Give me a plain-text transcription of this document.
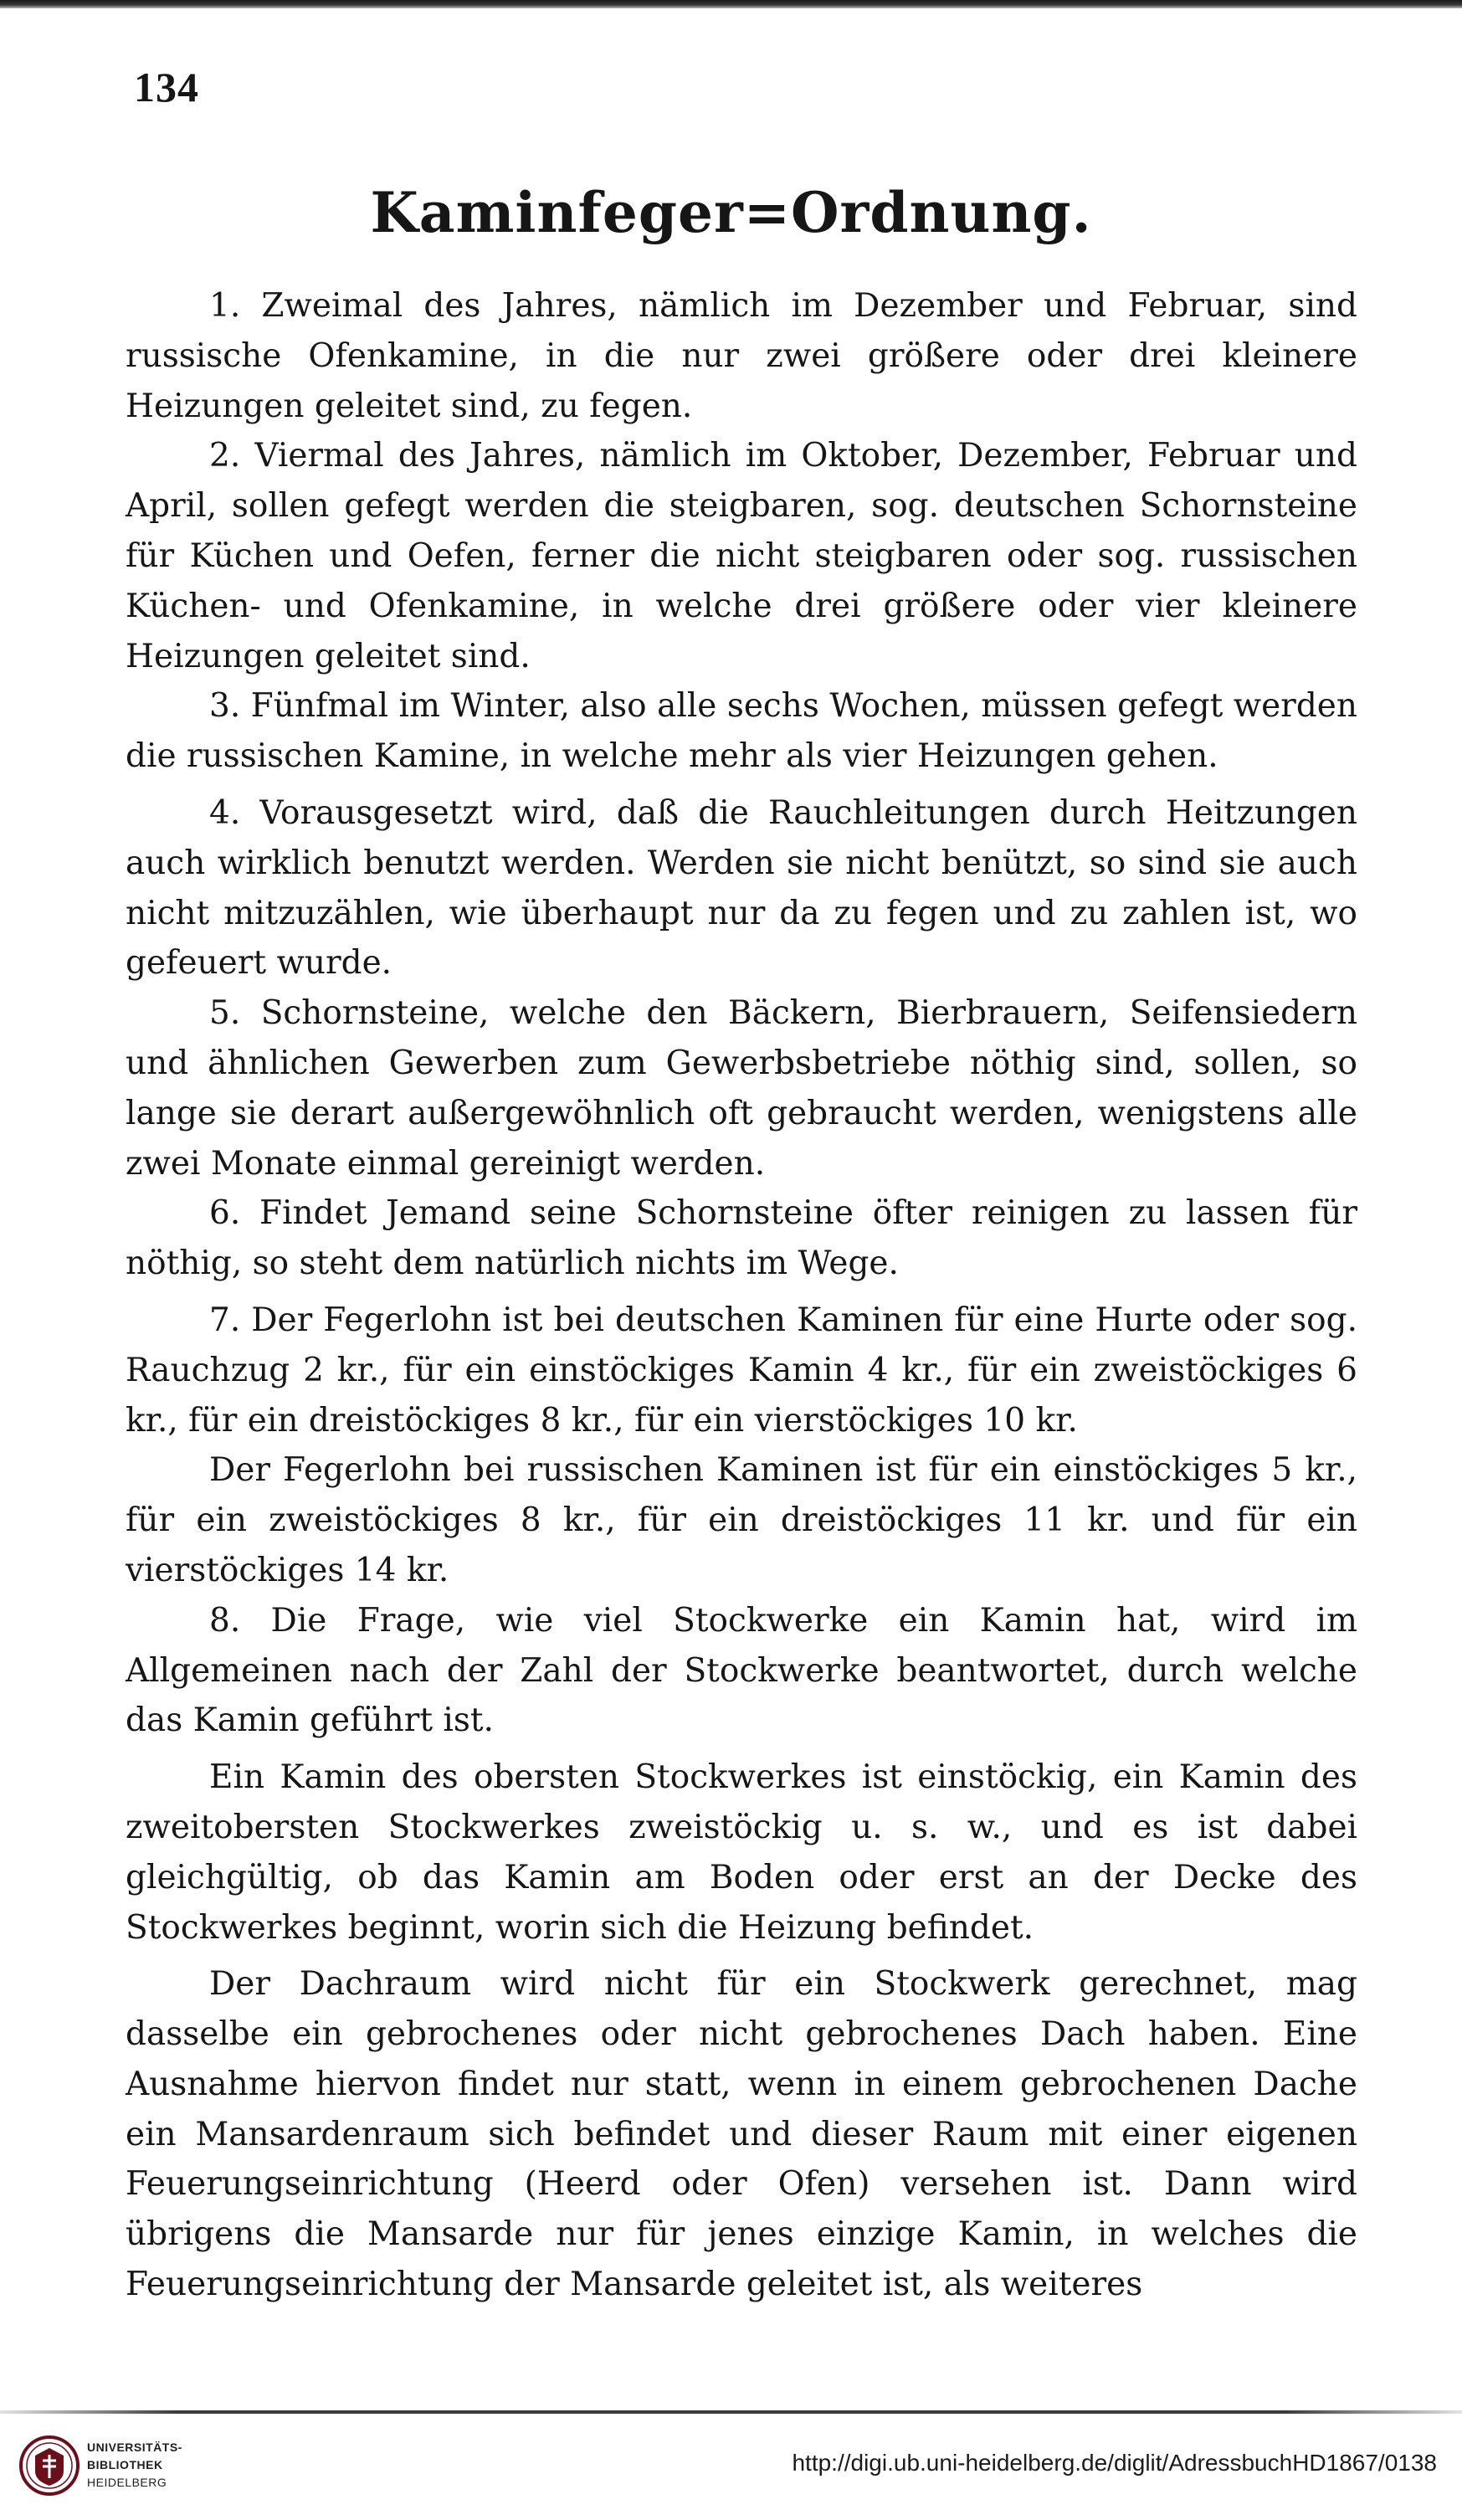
134
Kaminfeger=Ordnung.

1. Zweimal des Jahres, nämlich im Dezember und Februar, sind russische Ofenkamine, in die nur zwei größere oder drei kleinere Heizungen geleitet sind, zu fegen.

2. Viermal des Jahres, nämlich im Oktober, Dezember, Februar und April, sollen gefegt werden die steigbaren, sog. deutschen Schornsteine für Küchen und Oefen, ferner die nicht steigbaren oder sog. russischen Küchen- und Ofenkamine, in welche drei größere oder vier kleinere Heizungen geleitet sind.

3. Fünfmal im Winter, also alle sechs Wochen, müssen gefegt werden die russischen Kamine, in welche mehr als vier Heizungen gehen.

4. Vorausgesetzt wird, daß die Rauchleitungen durch Heitzungen auch wirklich benutzt werden. Werden sie nicht benützt, so sind sie auch nicht mitzuzählen, wie überhaupt nur da zu fegen und zu zahlen ist, wo gefeuert wurde.

5. Schornsteine, welche den Bäckern, Bierbrauern, Seifensiedern und ähnlichen Gewerben zum Gewerbsbetriebe nöthig sind, sollen, so lange sie derart außergewöhnlich oft gebraucht werden, wenigstens alle zwei Monate einmal gereinigt werden.

6. Findet Jemand seine Schornsteine öfter reinigen zu lassen für nöthig, so steht dem natürlich nichts im Wege.

7. Der Fegerlohn ist bei deutschen Kaminen für eine Hurte oder sog. Rauchzug 2 kr., für ein einstöckiges Kamin 4 kr., für ein zweistöckiges 6 kr., für ein dreistöckiges 8 kr., für ein vierstöckiges 10 kr.

Der Fegerlohn bei russischen Kaminen ist für ein einstöckiges 5 kr., für ein zweistöckiges 8 kr., für ein dreistöckiges 11 kr. und für ein vierstöckiges 14 kr.

8. Die Frage, wie viel Stockwerke ein Kamin hat, wird im Allgemeinen nach der Zahl der Stockwerke beantwortet, durch welche das Kamin geführt ist.

Ein Kamin des obersten Stockwerkes ist einstöckig, ein Kamin des zweitobersten Stockwerkes zweistöckig u. s. w., und es ist dabei gleichgültig, ob das Kamin am Boden oder erst an der Decke des Stockwerkes beginnt, worin sich die Heizung befindet.

Der Dachraum wird nicht für ein Stockwerk gerechnet, mag dasselbe ein gebrochenes oder nicht gebrochenes Dach haben. Eine Ausnahme hiervon findet nur statt, wenn in einem gebrochenen Dache ein Mansardenraum sich befindet und dieser Raum mit einer eigenen Feuerungseinrichtung (Heerd oder Ofen) versehen ist. Dann wird übrigens die Mansarde nur für jenes einzige Kamin, in welches die Feuerungseinrichtung der Mansarde geleitet ist, als weiteres

UNIVERSITÄTS-
BIBLIOTHEK
HEIDELBERG
http://digi.ub.uni-heidelberg.de/diglit/AdressbuchHD1867/0138
